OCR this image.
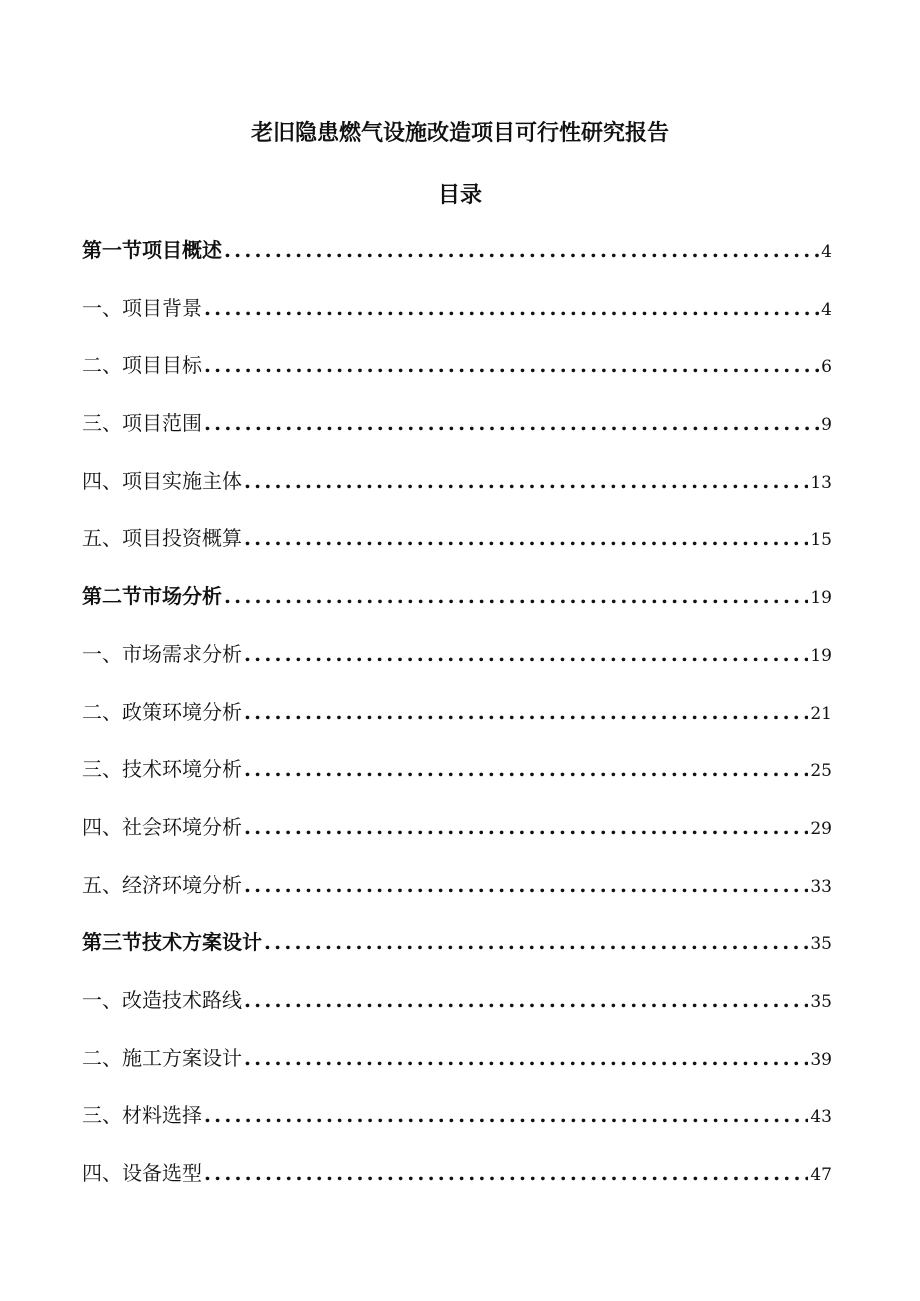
老旧隐患燃气设施改造项目可行性研究报告
目录
第一节项目概述 .....	4
一、项目背景 .....	4
二、项目目标 .....	6
三、项目范围 .....	9
四、项目实施主体 .....	13
五、项目投资概算 .....	15
第二节市场分析 .....	19
一、市场需求分析 .....	19
二、政策环境分析 .....	21
三、技术环境分析 .....	25
四、社会环境分析 .....	29
五、经济环境分析 .....	33
第三节技术方案设计 .....	35
一、改造技术路线 .....	35
二、施工方案设计 .....	39
三、材料选择 .....	43
四、设备选型 .....	47
